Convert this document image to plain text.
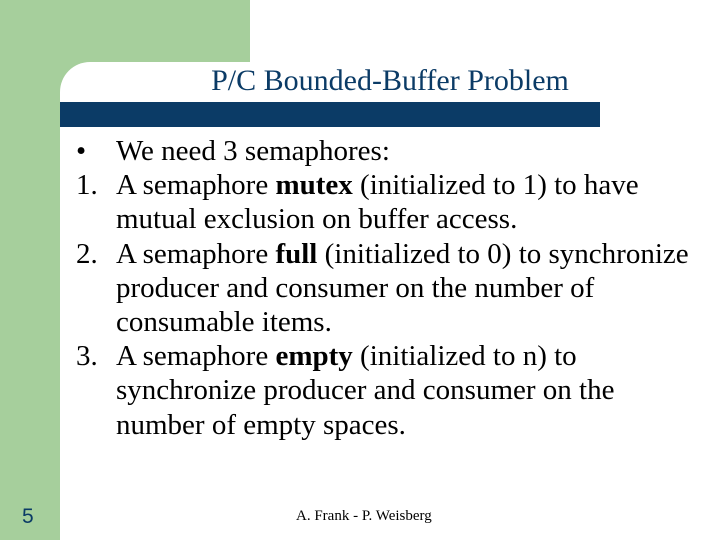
P/C Bounded-Buffer Problem
•	We need 3 semaphores:
1. A semaphore mutex (initialized to 1) to have mutual exclusion on buffer access.
2. A semaphore full (initialized to 0) to synchronize producer and consumer on the number of consumable items.
3. A semaphore empty (initialized to n) to synchronize producer and consumer on the number of empty spaces.
5	A. Frank - P. Weisberg
